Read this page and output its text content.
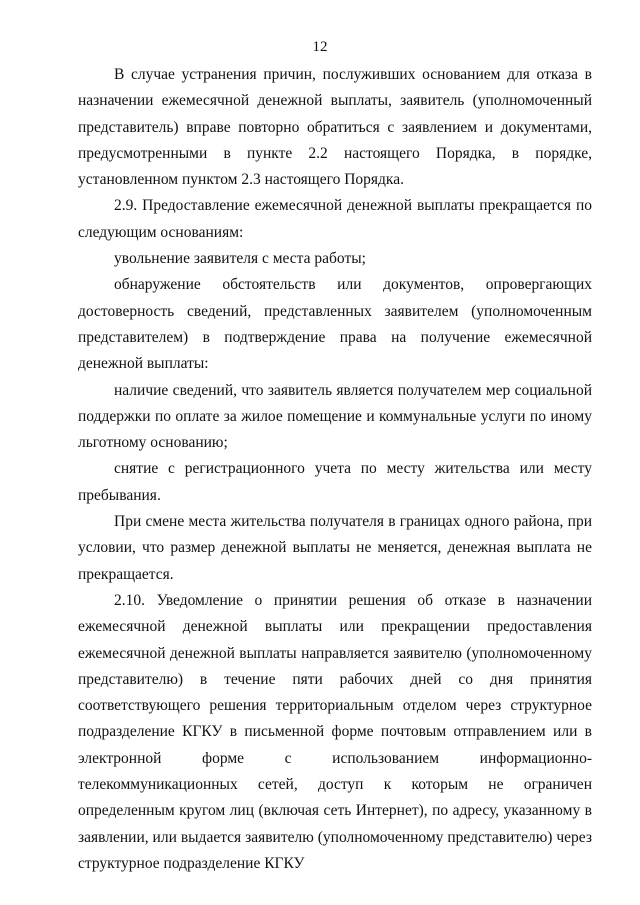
12

В случае устранения причин, послуживших основанием для отказа в назначении ежемесячной денежной выплаты, заявитель (уполномоченный представитель) вправе повторно обратиться с заявлением и документами, предусмотренными в пункте 2.2 настоящего Порядка, в порядке, установленном пунктом 2.3 настоящего Порядка.

2.9. Предоставление ежемесячной денежной выплаты прекращается по следующим основаниям:

увольнение заявителя с места работы;

обнаружение обстоятельств или документов, опровергающих достоверность сведений, представленных заявителем (уполномоченным представителем) в подтверждение права на получение ежемесячной денежной выплаты:

наличие сведений, что заявитель является получателем мер социальной поддержки по оплате за жилое помещение и коммунальные услуги по иному льготному основанию;

снятие с регистрационного учета по месту жительства или месту пребывания.

При смене места жительства получателя в границах одного района, при условии, что размер денежной выплаты не меняется, денежная выплата не прекращается.

2.10. Уведомление о принятии решения об отказе в назначении ежемесячной денежной выплаты или прекращении предоставления ежемесячной денежной выплаты направляется заявителю (уполномоченному представителю) в течение пяти рабочих дней со дня принятия соответствующего решения территориальным отделом через структурное подразделение КГКУ в письменной форме почтовым отправлением или в электронной форме с использованием информационно-телекоммуникационных сетей, доступ к которым не ограничен определенным кругом лиц (включая сеть Интернет), по адресу, указанному в заявлении, или выдается заявителю (уполномоченному представителю) через структурное подразделение КГКУ
